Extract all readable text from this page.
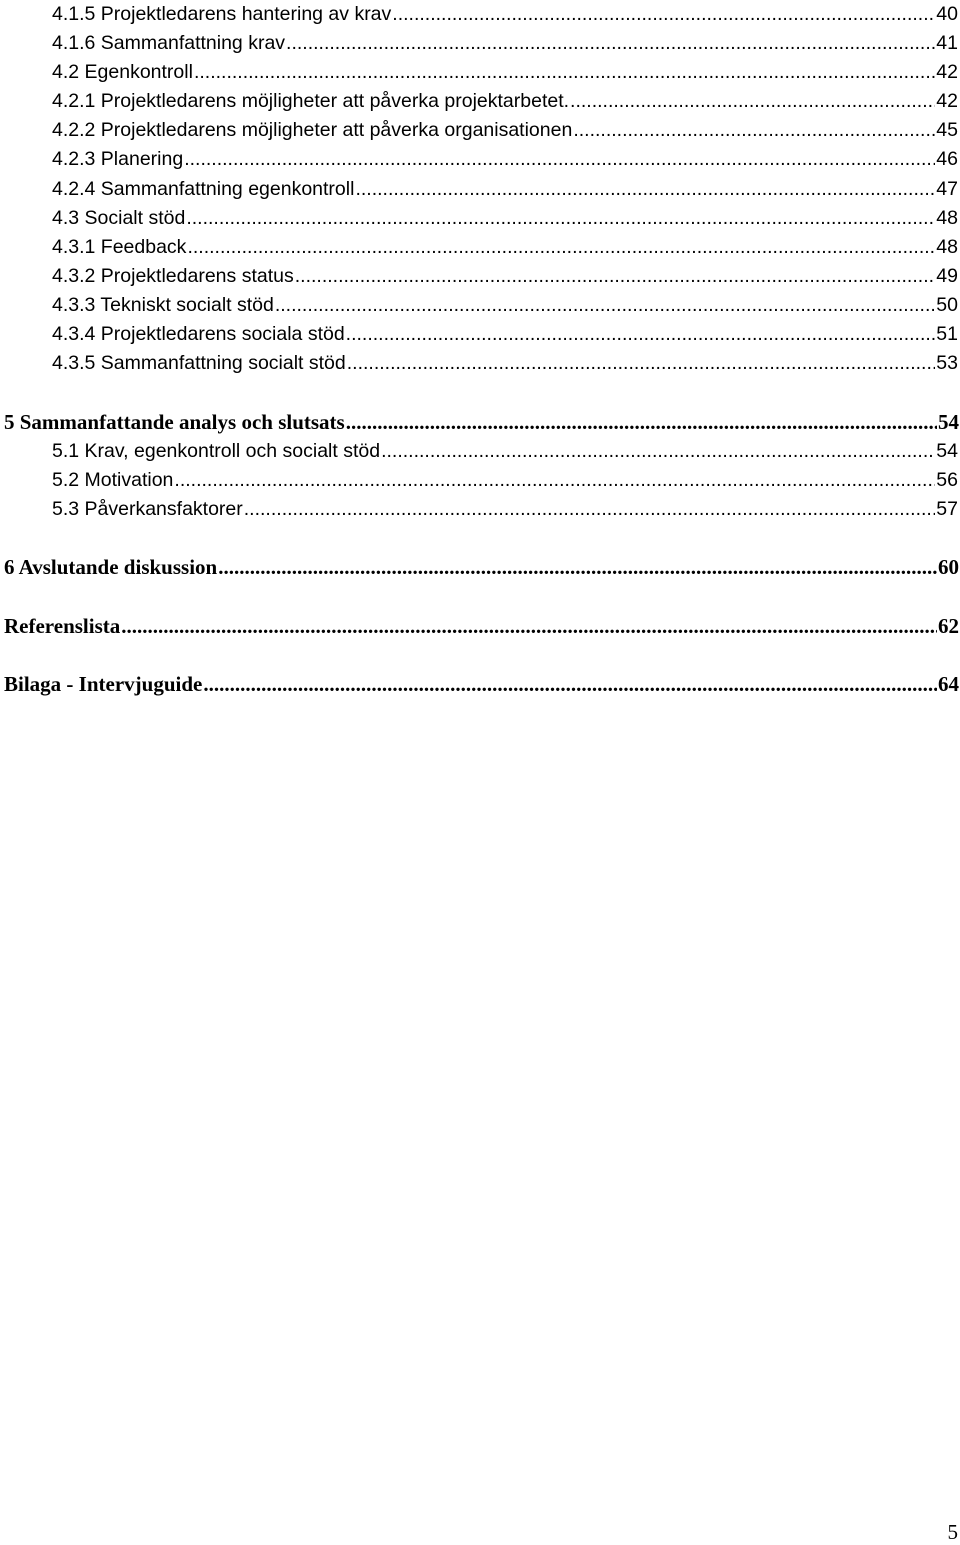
4.1.5 Projektledarens hantering av krav .....	40
4.1.6 Sammanfattning krav .....	41
4.2 Egenkontroll .....	42
4.2.1 Projektledarens möjligheter att påverka projektarbetet. .....	42
4.2.2 Projektledarens möjligheter att påverka organisationen .....	45
4.2.3 Planering .....	46
4.2.4 Sammanfattning egenkontroll .....	47
4.3 Socialt stöd .....	48
4.3.1 Feedback .....	48
4.3.2 Projektledarens status .....	49
4.3.3 Tekniskt socialt stöd .....	50
4.3.4 Projektledarens sociala stöd .....	51
4.3.5 Sammanfattning socialt stöd .....	53
5 Sammanfattande analys och slutsats .....	54
5.1 Krav, egenkontroll och socialt stöd .....	54
5.2 Motivation .....	56
5.3 Påverkansfaktorer .....	57
6 Avslutande diskussion .....	60
Referenslista .....	62
Bilaga - Intervjuguide .....	64
5
